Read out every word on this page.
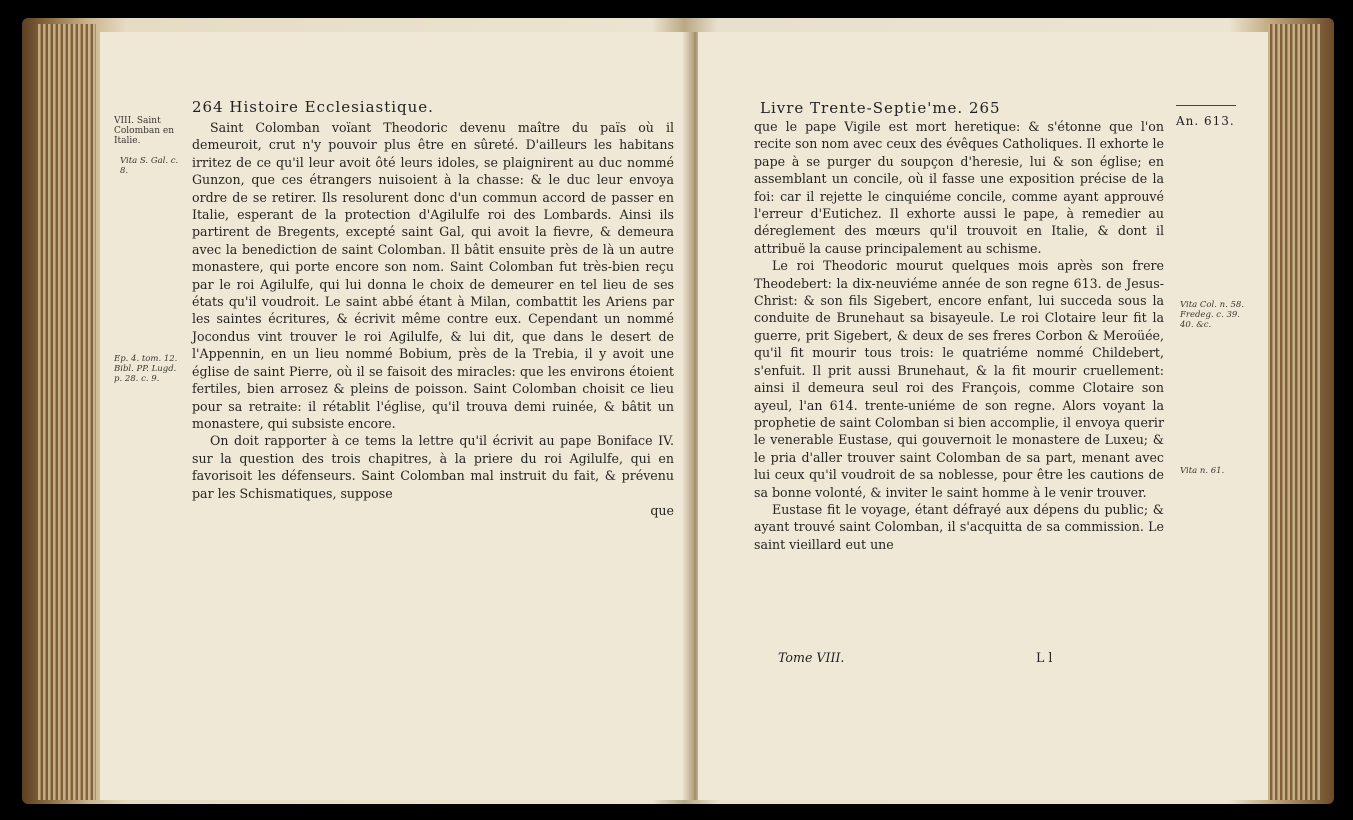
264 Histoire Ecclesiastique.
VIII. Saint Colomban en Italie.
Vita S. Gal. c. 8.
Ep. 4. tom. 12. Bibl. PP. Lugd. p. 28. c. 9.

Saint Colomban voïant Theodoric devenu maître du païs où il demeuroit, crut n'y pouvoir plus être en sûreté. D'ailleurs les habitans irritez de ce qu'il leur avoit ôté leurs idoles, se plaignirent au duc nommé Gunzon, que ces étrangers nuisoient à la chasse: & le duc leur envoya ordre de se retirer. Ils resolurent donc d'un commun accord de passer en Italie, esperant de la protection d'Agilulfe roi des Lombards. Ainsi ils partirent de Bregents, excepté saint Gal, qui avoit la fievre, & demeura avec la benediction de saint Colomban. Il bâtit ensuite près de là un autre monastere, qui porte encore son nom. Saint Colomban fut très-bien reçu par le roi Agilulfe, qui lui donna le choix de demeurer en tel lieu de ses états qu'il voudroit. Le saint abbé étant à Milan, combattit les Ariens par les saintes écritures, & écrivit même contre eux. Cependant un nommé Jocondus vint trouver le roi Agilulfe, & lui dit, que dans le desert de l'Appennin, en un lieu nommé Bobium, près de la Trebia, il y avoit une église de saint Pierre, où il se faisoit des miracles: que les environs étoient fertiles, bien arrosez & pleins de poisson. Saint Colomban choisit ce lieu pour sa retraite: il rétablit l'église, qu'il trouva demi ruinée, & bâtit un monastere, qui subsiste encore.

On doit rapporter à ce tems la lettre qu'il écrivit au pape Boniface IV. sur la question des trois chapitres, à la priere du roi Agilulfe, qui en favorisoit les défenseurs. Saint Colomban mal instruit du fait, & prévenu par les Schismatiques, suppose

que
Livre Trente-Septie'me. 265
An. 613.
Vita Col. n. 58. Fredeg. c. 39. 40. &c.
Vita n. 61.

que le pape Vigile est mort heretique: & s'étonne que l'on recite son nom avec ceux des évêques Catholiques. Il exhorte le pape à se purger du soupçon d'heresie, lui & son église; en assemblant un concile, où il fasse une exposition précise de la foi: car il rejette le cinquiéme concile, comme ayant approuvé l'erreur d'Eutichez. Il exhorte aussi le pape, à remedier au déreglement des mœurs qu'il trouvoit en Italie, & dont il attribuë la cause principalement au schisme.

Le roi Theodoric mourut quelques mois après son frere Theodebert: la dix-neuviéme année de son regne 613. de Jesus-Christ: & son fils Sigebert, encore enfant, lui succeda sous la conduite de Brunehaut sa bisayeule. Le roi Clotaire leur fit la guerre, prit Sigebert, & deux de ses freres Corbon & Meroüée, qu'il fit mourir tous trois: le quatriéme nommé Childebert, s'enfuit. Il prit aussi Brunehaut, & la fit mourir cruellement: ainsi il demeura seul roi des François, comme Clotaire son ayeul, l'an 614. trente-uniéme de son regne. Alors voyant la prophetie de saint Colomban si bien accomplie, il envoya querir le venerable Eustase, qui gouvernoit le monastere de Luxeu; & le pria d'aller trouver saint Colomban de sa part, menant avec lui ceux qu'il voudroit de sa noblesse, pour être les cautions de sa bonne volonté, & inviter le saint homme à le venir trouver.

Eustase fit le voyage, étant défrayé aux dépens du public; & ayant trouvé saint Colomban, il s'acquitta de sa commission. Le saint vieillard eut une

Tome VIII.	L l
